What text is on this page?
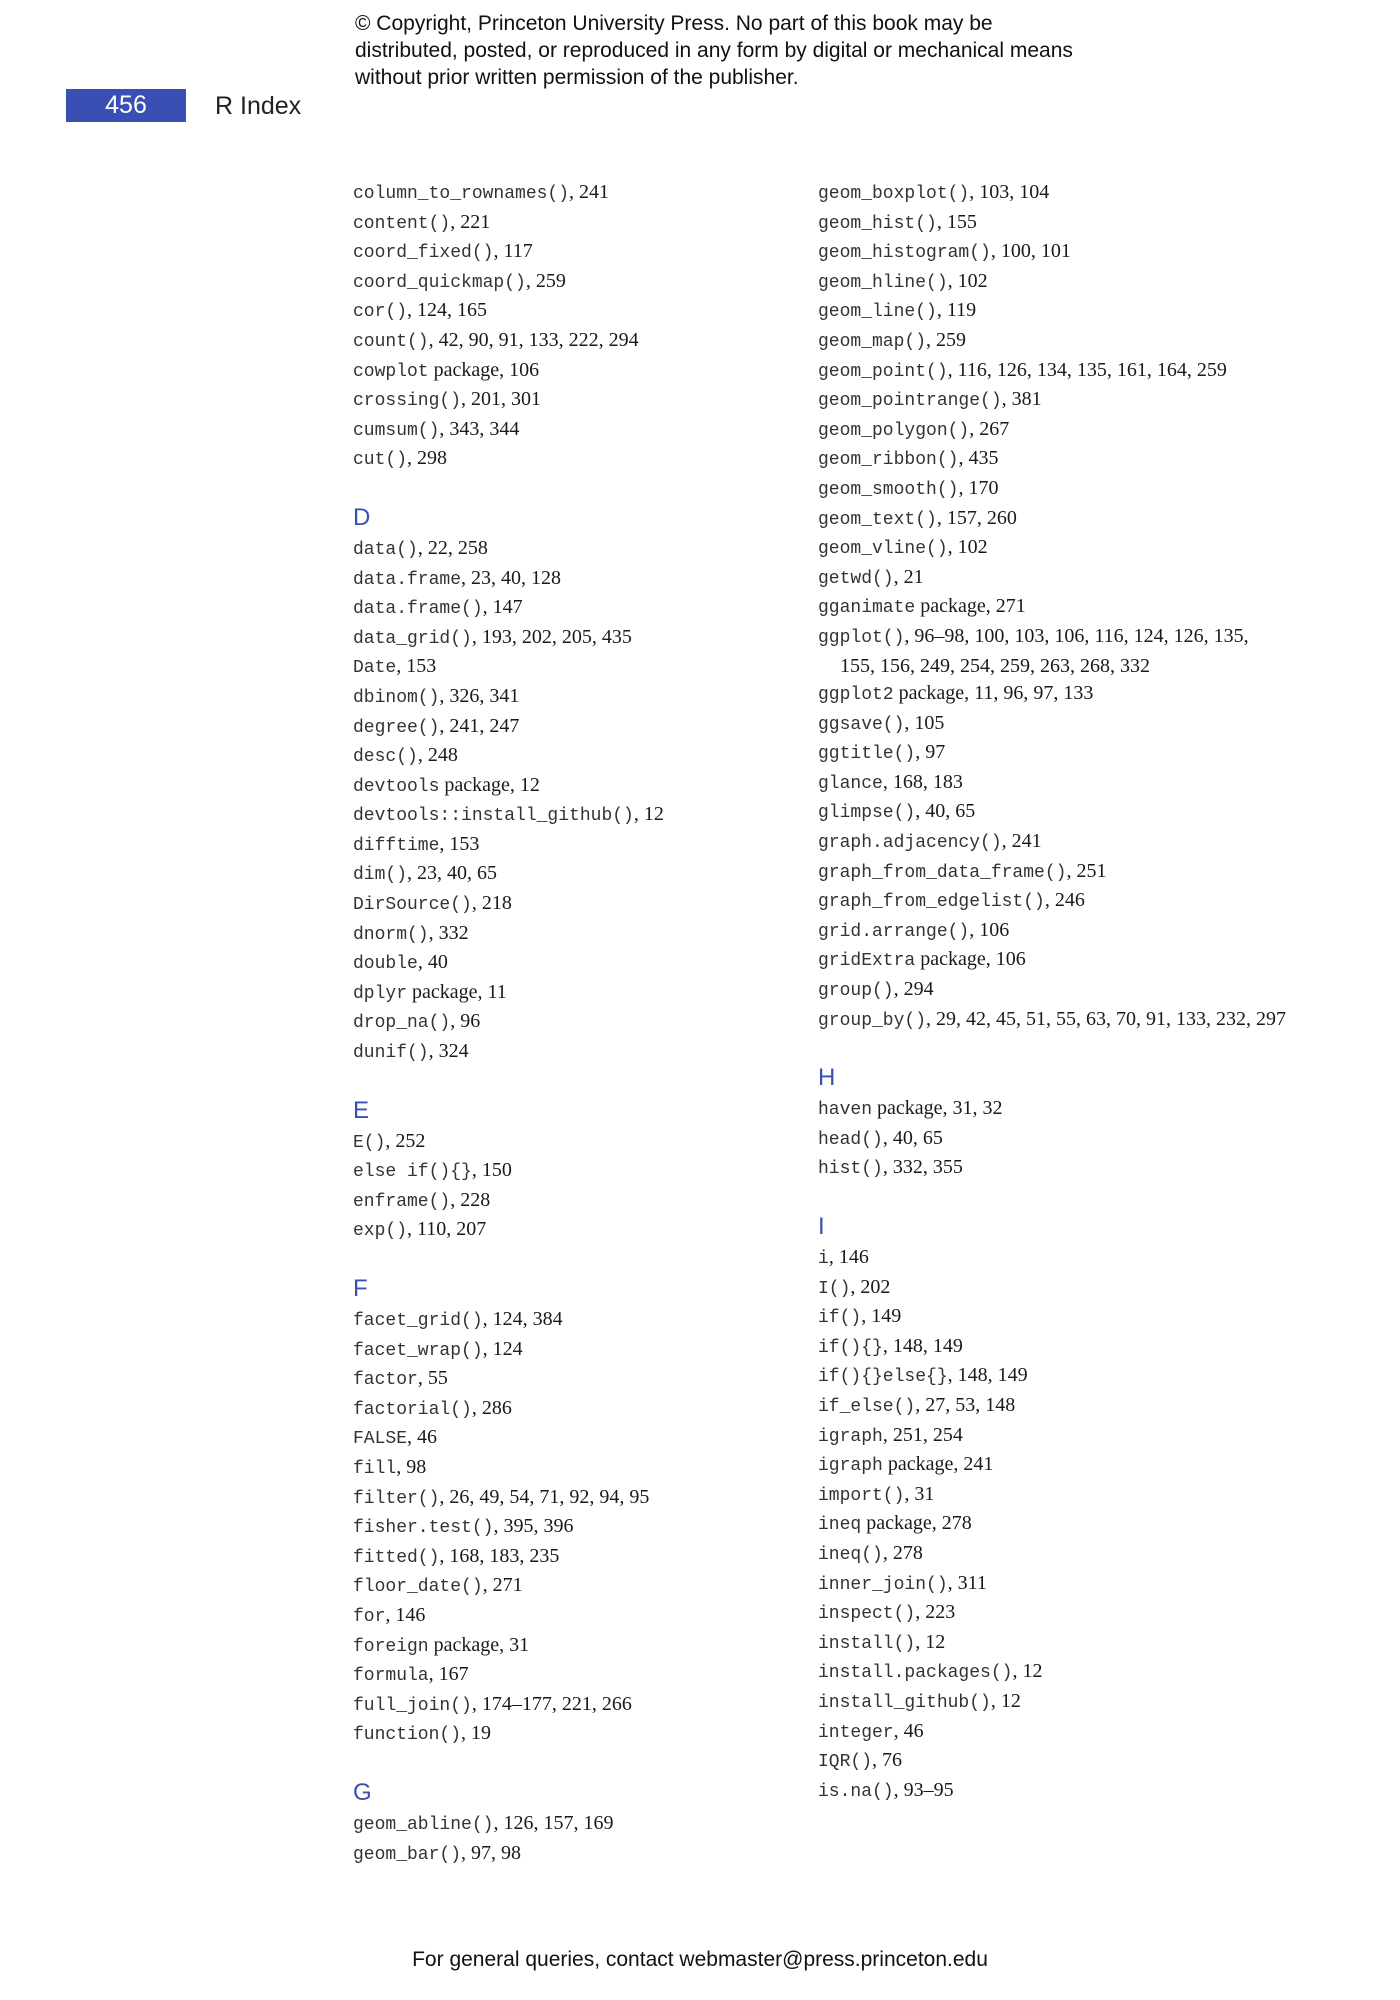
© Copyright, Princeton University Press. No part of this book may be distributed, posted, or reproduced in any form by digital or mechanical means without prior written permission of the publisher.
456	R Index
column_to_rownames(), 241
content(), 221
coord_fixed(), 117
coord_quickmap(), 259
cor(), 124, 165
count(), 42, 90, 91, 133, 222, 294
cowplot package, 106
crossing(), 201, 301
cumsum(), 343, 344
cut(), 298
D
data(), 22, 258
data.frame, 23, 40, 128
data.frame(), 147
data_grid(), 193, 202, 205, 435
Date, 153
dbinom(), 326, 341
degree(), 241, 247
desc(), 248
devtools package, 12
devtools::install_github(), 12
difftime, 153
dim(), 23, 40, 65
DirSource(), 218
dnorm(), 332
double, 40
dplyr package, 11
drop_na(), 96
dunif(), 324
E
E(), 252
else if(){}, 150
enframe(), 228
exp(), 110, 207
F
facet_grid(), 124, 384
facet_wrap(), 124
factor, 55
factorial(), 286
FALSE, 46
fill, 98
filter(), 26, 49, 54, 71, 92, 94, 95
fisher.test(), 395, 396
fitted(), 168, 183, 235
floor_date(), 271
for, 146
foreign package, 31
formula, 167
full_join(), 174–177, 221, 266
function(), 19
G
geom_abline(), 126, 157, 169
geom_bar(), 97, 98
geom_boxplot(), 103, 104
geom_hist(), 155
geom_histogram(), 100, 101
geom_hline(), 102
geom_line(), 119
geom_map(), 259
geom_point(), 116, 126, 134, 135, 161, 164, 259
geom_pointrange(), 381
geom_polygon(), 267
geom_ribbon(), 435
geom_smooth(), 170
geom_text(), 157, 260
geom_vline(), 102
getwd(), 21
gganimate package, 271
ggplot(), 96–98, 100, 103, 106, 116, 124, 126, 135, 155, 156, 249, 254, 259, 263, 268, 332
ggplot2 package, 11, 96, 97, 133
ggsave(), 105
ggtitle(), 97
glance, 168, 183
glimpse(), 40, 65
graph.adjacency(), 241
graph_from_data_frame(), 251
graph_from_edgelist(), 246
grid.arrange(), 106
gridExtra package, 106
group(), 294
group_by(), 29, 42, 45, 51, 55, 63, 70, 91, 133, 232, 297
H
haven package, 31, 32
head(), 40, 65
hist(), 332, 355
I
i, 146
I(), 202
if(), 149
if(){}, 148, 149
if(){}else{}, 148, 149
if_else(), 27, 53, 148
igraph, 251, 254
igraph package, 241
import(), 31
ineq package, 278
ineq(), 278
inner_join(), 311
inspect(), 223
install(), 12
install.packages(), 12
install_github(), 12
integer, 46
IQR(), 76
is.na(), 93–95
For general queries, contact webmaster@press.princeton.edu
